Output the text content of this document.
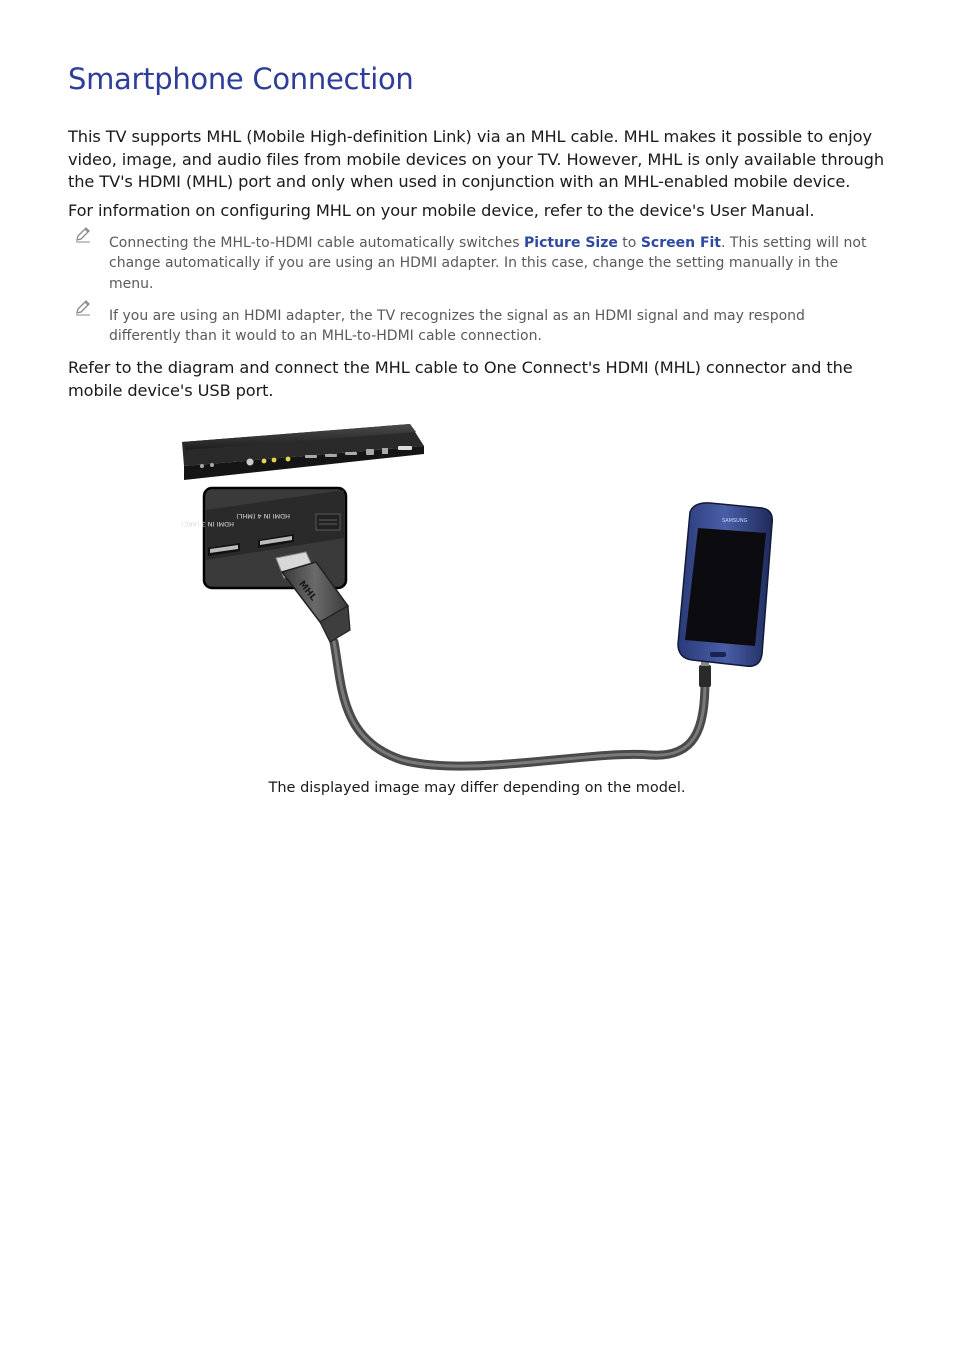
Smartphone Connection

This TV supports MHL (Mobile High-definition Link) via an MHL cable. MHL makes it possible to enjoy video, image, and audio files from mobile devices on your TV. However, MHL is only available through the TV's HDMI (MHL) port and only when used in conjunction with an MHL-enabled mobile device.

For information on configuring MHL on your mobile device, refer to the device's User Manual.

Connecting the MHL-to-HDMI cable automatically switches Picture Size to Screen Fit. This setting will not change automatically if you are using an HDMI adapter. In this case, change the setting manually in the menu.

If you are using an HDMI adapter, the TV recognizes the signal as an HDMI signal and may respond differently than it would to an MHL-to-HDMI cable connection.

Refer to the diagram and connect the MHL cable to One Connect's HDMI (MHL) connector and the mobile device's USB port.

HDMI IN 3 (ARC)
HDMI IN 4 (MHL)
MHL
SAMSUNG

The displayed image may differ depending on the model.
